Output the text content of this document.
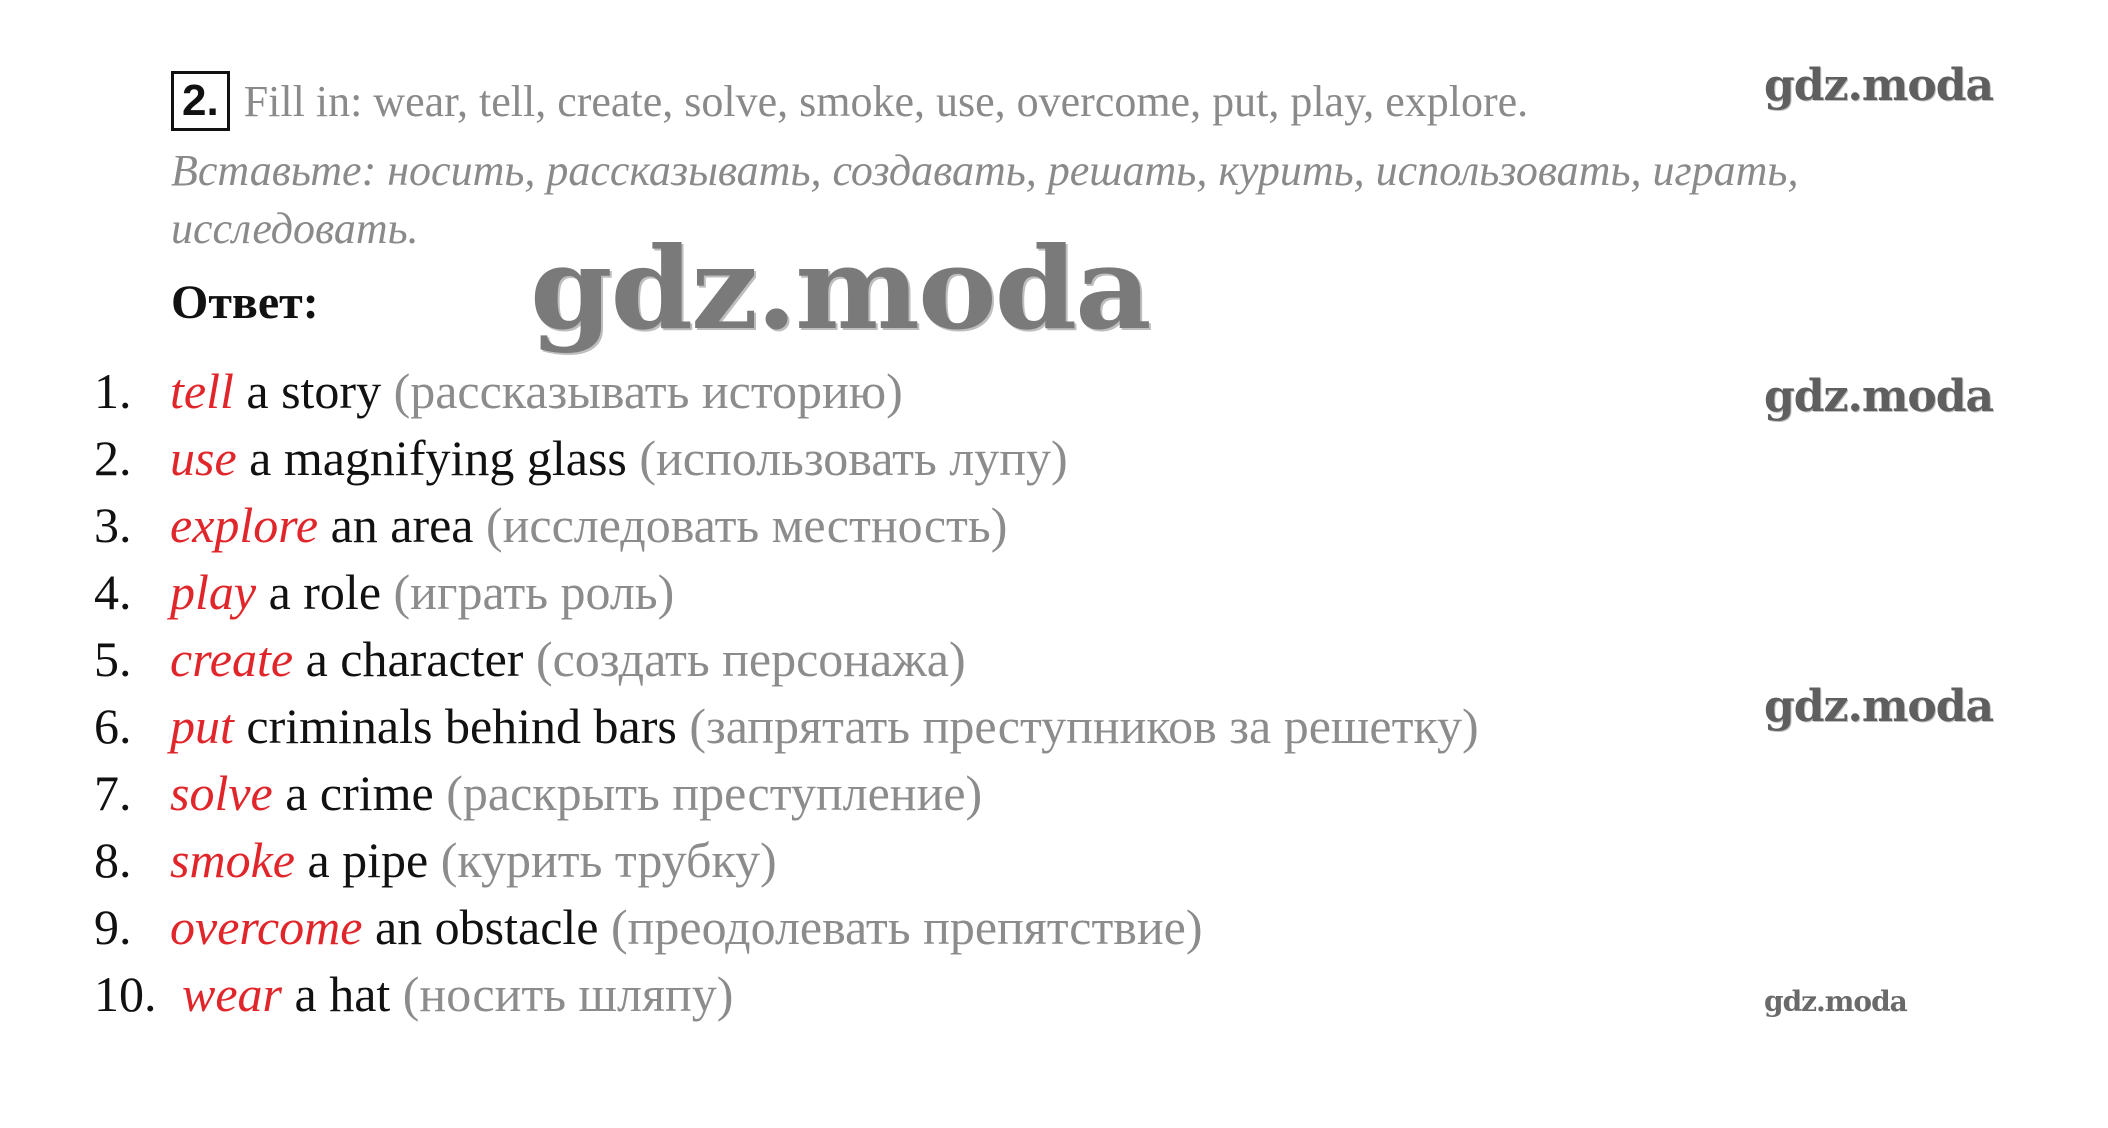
2. Fill in: wear, tell, create, solve, smoke, use, overcome, put, play, explore.
Вставьте: носить, рассказывать, создавать, решать, курить, использовать, играть, исследовать.
Ответ: gdz.moda
gdz.moda
gdz.moda
gdz.moda
gdz.moda
1. tell a story (рассказывать историю)
2. use a magnifying glass (использовать лупу)
3. explore an area (исследовать местность)
4. play a role (играть роль)
5. create a character (создать персонажа)
6. put criminals behind bars (запрятать преступников за решетку)
7. solve a crime (раскрыть преступление)
8. smoke a pipe (курить трубку)
9. overcome an obstacle (преодолевать препятствие)
10. wear a hat (носить шляпу)
